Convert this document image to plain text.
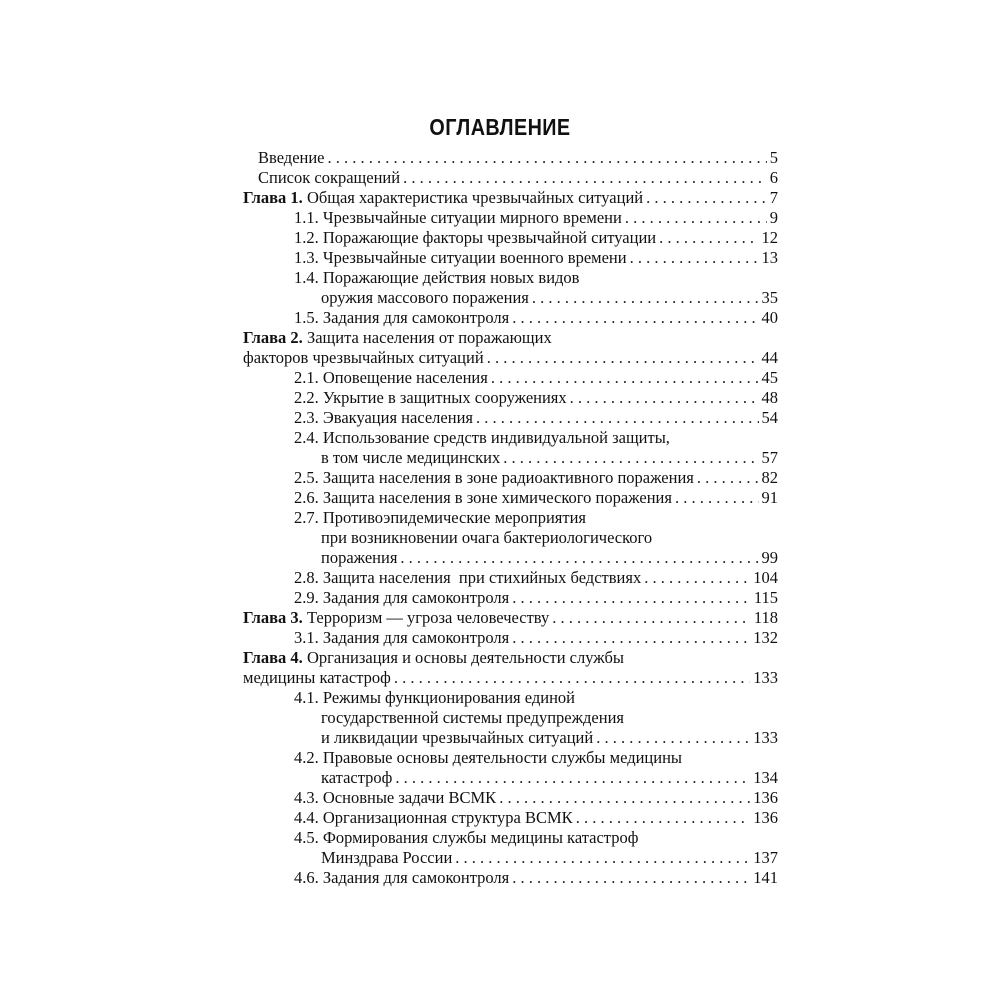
ОГЛАВЛЕНИЕ
Введение . . .	5
Список сокращений . . .	6
Глава 1. Общая характеристика чрезвычайных ситуаций . . .	7
1.1. Чрезвычайные ситуации мирного времени . . .	9
1.2. Поражающие факторы чрезвычайной ситуации . . .	12
1.3. Чрезвычайные ситуации военного времени . . .	13
1.4. Поражающие действия новых видов
оружия массового поражения . . .	35
1.5. Задания для самоконтроля . . .	40
Глава 2. Защита населения от поражающих
факторов чрезвычайных ситуаций . . .	44
2.1. Оповещение населения . . .	45
2.2. Укрытие в защитных сооружениях . . .	48
2.3. Эвакуация населения . . .	54
2.4. Использование средств индивидуальной защиты,
в том числе медицинских . . .	57
2.5. Защита населения в зоне радиоактивного поражения . . .	82
2.6. Защита населения в зоне химического поражения . . .	91
2.7. Противоэпидемические мероприятия
при возникновении очага бактериологического
поражения . . .	99
2.8. Защита населения  при стихийных бедствиях . . .	104
2.9. Задания для самоконтроля . . .	115
Глава 3. Терроризм — угроза человечеству . . .	118
3.1. Задания для самоконтроля . . .	132
Глава 4. Организация и основы деятельности службы
медицины катастроф . . .	133
4.1. Режимы функционирования единой
государственной системы предупреждения
и ликвидации чрезвычайных ситуаций . . .	133
4.2. Правовые основы деятельности службы медицины
катастроф . . .	134
4.3. Основные задачи ВСМК . . .	136
4.4. Организационная структура ВСМК . . .	136
4.5. Формирования службы медицины катастроф
Минздрава России . . .	137
4.6. Задания для самоконтроля . . .	141
